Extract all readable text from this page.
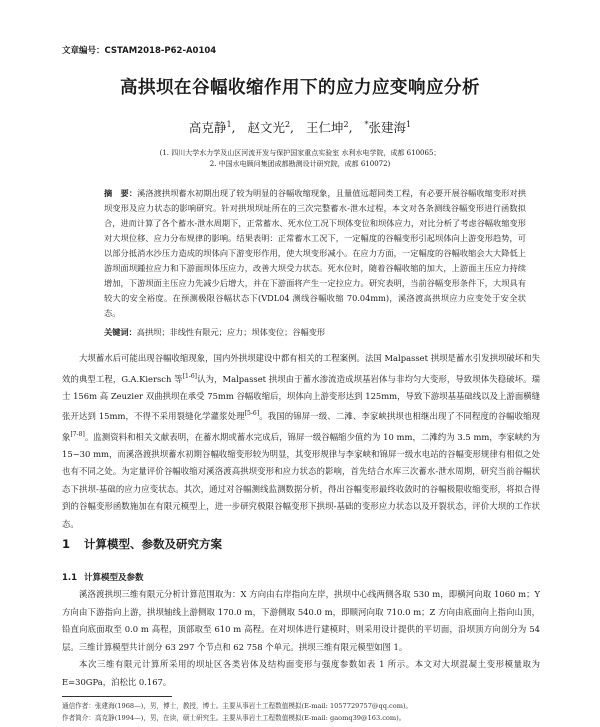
文章编号：CSTAM2018-P62-A0104
高拱坝在谷幅收缩作用下的应力应变响应分析
高克静$^1$,   赵文光$^2$,   王仁坤$^2$,   *张建海$^1$
(1. 四川大学水力学及山区河流开发与保护国家重点实验室 水利水电学院，成都 610065；
2. 中国水电顾问集团成都勘测设计研究院，成都 610072)
摘　要：溪洛渡拱坝蓄水初期出现了较为明显的谷幅收缩现象，且量值远超同类工程，有必要开展谷幅收缩变形对拱坝变形及应力状态的影响研究。针对拱坝坝址所在的三次完整蓄水-泄水过程，本文对各条测线谷幅变形进行函数拟合，进而计算了各个蓄水-泄水周期下，正常蓄水、死水位工况下坝体变位和坝体应力，对比分析了考虑谷幅收缩变形对大坝位移、应力分布规律的影响。结果表明：正常蓄水工况下，一定幅度的谷幅变形引起坝体向上游变形趋势，可以部分抵消水沙压力造成的坝体向下游变形作用，使大坝变形减小。在应力方面，一定幅度的谷幅收缩会大大降低上游坝面坝踵拉应力和下游面坝体压应力，改善大坝受力状态。死水位时，随着谷幅收缩的加大，上游面主压应力持续增加，下游坝面主压应力先减少后增大，并在下游面将产生一定拉应力。研究表明，当前谷幅变形条件下，大坝具有较大的安全裕度。在预测极限谷幅状态下(VDL04 测线谷幅收缩 70.04mm)，溪洛渡高拱坝应力应变处于安全状态。
关键词：高拱坝；非线性有限元；应力；坝体变位；谷幅变形
大坝蓄水后可能出现谷幅收缩现象，国内外拱坝建设中都有相关的工程案例。法国 Malpasset 拱坝是蓄水引发拱坝破坏和失效的典型工程，G.A.Kiersch 等[1-6]认为，Malpasset 拱坝由于蓄水渗流造成坝基岩体与非均匀大变形，导致坝体失稳破坏。瑞士 156m 高 Zeuzier 双曲拱坝在承受 75mm 谷幅收缩后，坝体向上游变形达到 125mm，导致下游坝基基础线以及上游面横缝张开达到 15mm，不得不采用裂缝化学灌浆处理[5-6]。我国的锦屏一级、二滩、李家峡拱坝也相继出现了不同程度的谷幅收缩现象[7-8]。监测资料和相关文献表明，在蓄水期或蓄水完成后，锦屏一级谷幅缩少值约为 10 mm，二滩约为 3.5 mm，李家峡约为 15~30 mm，而溪洛渡拱坝蓄水初期谷幅收缩变形较为明显，其变形规律与李家峡和锦屏一级水电站的谷幅变形规律有相似之处也有不同之处。为定量评价谷幅收缩对溪洛渡高拱坝变形和应力状态的影响，首先结合水库三次蓄水-泄水周期，研究当前谷幅状态下拱坝-基础的应力应变状态。其次，通过对谷幅测线监测数据分析，得出谷幅变形最终收敛时的谷幅极限收缩变形，将拟合得到的谷幅变形函数施加在有限元模型上，进一步研究极限谷幅变形下拱坝-基础的变形应力状态以及开裂状态，评价大坝的工作状态。
1 计算模型、参数及研究方案
1.1 计算模型及参数
溪洛渡拱坝三维有限元分析计算范围取为：X 方向由右岸指向左岸，拱坝中心线两侧各取 530 m，即横河向取 1060 m；Y 方向由下游指向上游，拱坝轴线上游侧取 170.0 m，下游侧取 540.0 m，即顺河向取 710.0 m；Z 方向由底面向上指向山顶，铅直向底面取至 0.0 m 高程，顶部取至 610 m 高程。在对坝体进行建模时，则采用设计提供的平切面，沿坝顶方向剖分为 54 层。三维计算模型共计剖分 63 297 个节点和 62 758 个单元。拱坝三维有限元模型如图 1。
本次三维有限元计算所采用的坝址区各类岩体及结构面变形与强度参数如表 1 所示。本文对大坝混凝土变形模量取为 E=30GPa，泊松比 0.167。
通信作者：张建海(1968—)，男，博士，教授，博士。主要从事岩土工程数值模拟(E-mail: 1057729757@qq.com)。
作者简介：高克静(1994—)，男，在读，硕士研究生。主要从事岩土工程数值模拟(E-mail: gaomq39@163.com)。
